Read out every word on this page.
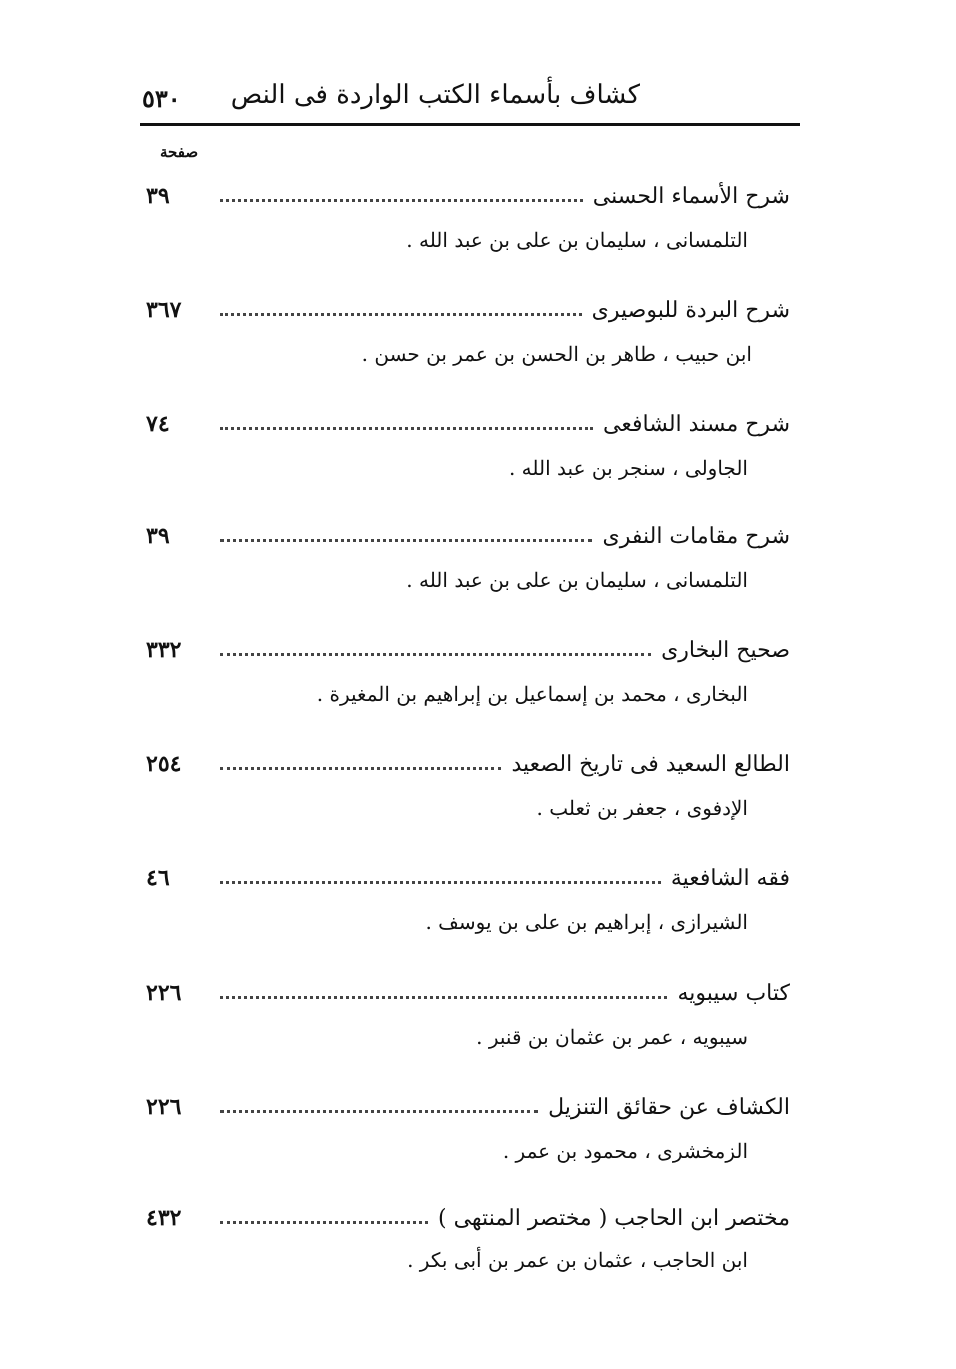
٥٣٠ كشاف بأسماء الكتب الواردة فى النص
صفحة
٣٩	شرح الأسماء الحسنى
التلمسانى ، سليمان بن على بن عبد الله .
٣٦٧	شرح البردة للبوصيرى
ابن حبيب ، طاهر بن الحسن بن عمر بن حسن .
٧٤	شرح مسند الشافعى
الجاولى ، سنجر بن عبد الله .
٣٩	شرح مقامات النفرى
التلمسانى ، سليمان بن على بن عبد الله .
٣٣٢	صحيح البخارى
البخارى ، محمد بن إسماعيل بن إبراهيم بن المغيرة .
٢٥٤	الطالع السعيد فى تاريخ الصعيد
الإدفوى ، جعفر بن ثعلب .
٤٦	فقه الشافعية
الشيرازى ، إبراهيم بن على بن يوسف .
٢٢٦	كتاب سيبويه
سيبويه ، عمر بن عثمان بن قنبر .
٢٢٦	الكشاف عن حقائق التنزيل
الزمخشرى ، محمود بن عمر .
٤٣٢	مختصر ابن الحاجب ( مختصر المنتهى )
ابن الحاجب ، عثمان بن عمر بن أبى بكر .
